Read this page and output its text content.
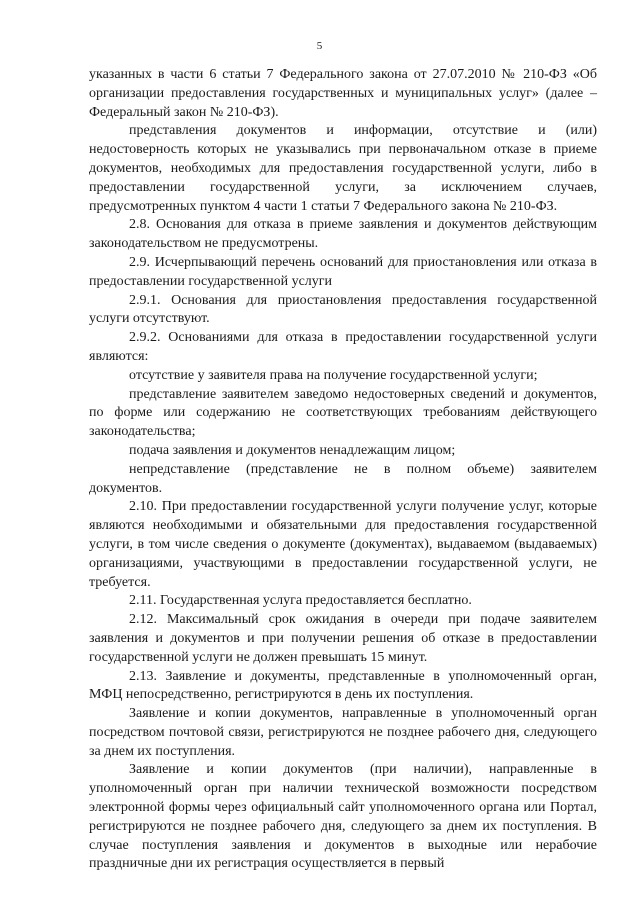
5

указанных в части 6 статьи 7 Федерального закона от 27.07.2010 № 210-ФЗ «Об организации предоставления государственных и муниципальных услуг» (далее – Федеральный закон № 210-ФЗ).

представления документов и информации, отсутствие и (или) недостоверность которых не указывались при первоначальном отказе в приеме документов, необходимых для предоставления государственной услуги, либо в предоставлении государственной услуги, за исключением случаев, предусмотренных пунктом 4 части 1 статьи 7 Федерального закона № 210-ФЗ.

2.8. Основания для отказа в приеме заявления и документов действующим законодательством не предусмотрены.

2.9. Исчерпывающий перечень оснований для приостановления или отказа в предоставлении государственной услуги

2.9.1. Основания для приостановления предоставления государственной услуги отсутствуют.

2.9.2. Основаниями для отказа в предоставлении государственной услуги являются:

отсутствие у заявителя права на получение государственной услуги;

представление заявителем заведомо недостоверных сведений и документов, по форме или содержанию не соответствующих требованиям действующего законодательства;

подача заявления и документов ненадлежащим лицом;

непредставление (представление не в полном объеме) заявителем документов.

2.10. При предоставлении государственной услуги получение услуг, которые являются необходимыми и обязательными для предоставления государственной услуги, в том числе сведения о документе (документах), выдаваемом (выдаваемых) организациями, участвующими в предоставлении государственной услуги, не требуется.

2.11. Государственная услуга предоставляется бесплатно.

2.12. Максимальный срок ожидания в очереди при подаче заявителем заявления и документов и при получении решения об отказе в предоставлении государственной услуги не должен превышать 15 минут.

2.13. Заявление и документы, представленные в уполномоченный орган, МФЦ непосредственно, регистрируются в день их поступления.

Заявление и копии документов, направленные в уполномоченный орган посредством почтовой связи, регистрируются не позднее рабочего дня, следующего за днем их поступления.

Заявление и копии документов (при наличии), направленные в уполномоченный орган при наличии технической возможности посредством электронной формы через официальный сайт уполномоченного органа или Портал, регистрируются не позднее рабочего дня, следующего за днем их поступления. В случае поступления заявления и документов в выходные или нерабочие праздничные дни их регистрация осуществляется в первый
